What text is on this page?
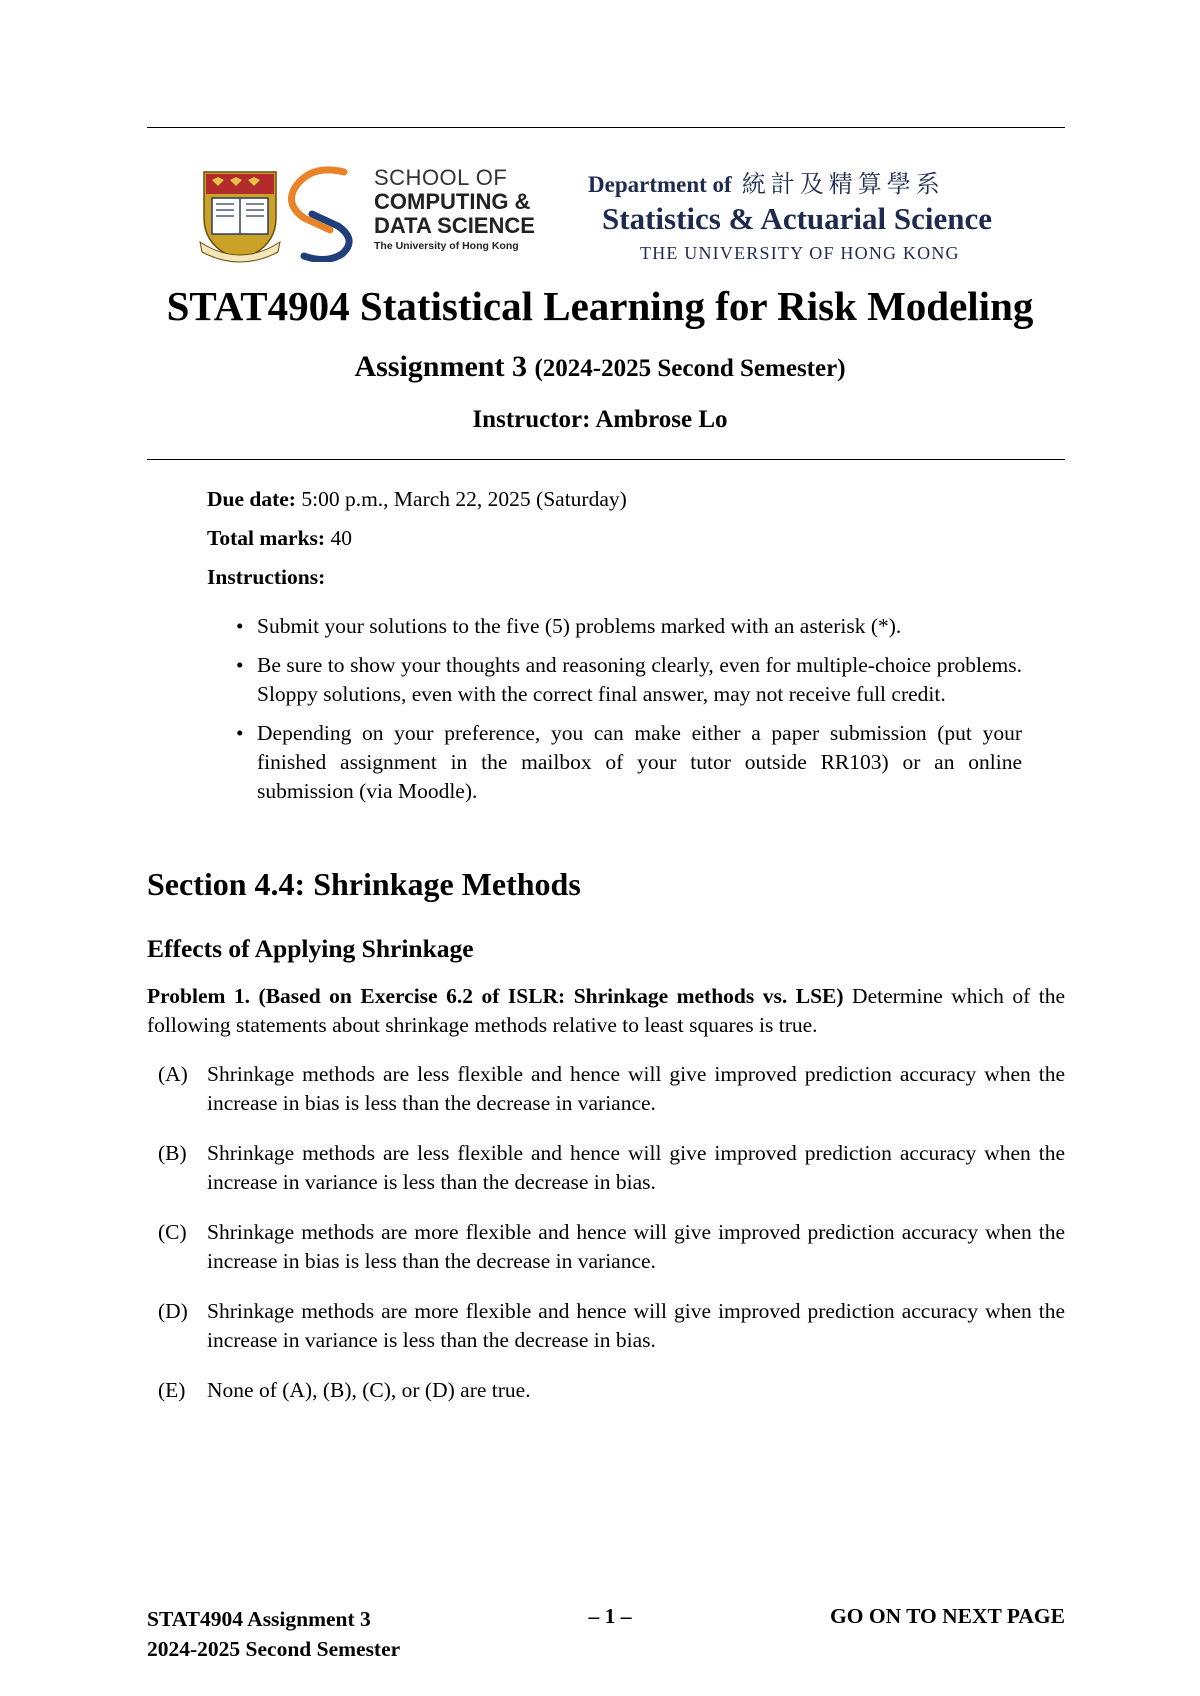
SCHOOL OF
COMPUTING &
DATA SCIENCE
The University of Hong Kong
Department of 統計及精算學系
Statistics & Actuarial Science
THE UNIVERSITY OF HONG KONG
STAT4904 Statistical Learning for Risk Modeling
Assignment 3 (2024-2025 Second Semester)
Instructor: Ambrose Lo
Due date: 5:00 p.m., March 22, 2025 (Saturday)
Total marks: 40
Instructions:
• Submit your solutions to the five (5) problems marked with an asterisk (*).
• Be sure to show your thoughts and reasoning clearly, even for multiple-choice problems. Sloppy solutions, even with the correct final answer, may not receive full credit.
• Depending on your preference, you can make either a paper submission (put your finished assignment in the mailbox of your tutor outside RR103) or an online submission (via Moodle).
Section 4.4: Shrinkage Methods
Effects of Applying Shrinkage
Problem 1. (Based on Exercise 6.2 of ISLR: Shrinkage methods vs. LSE) Determine which of the following statements about shrinkage methods relative to least squares is true.
(A) Shrinkage methods are less flexible and hence will give improved prediction accuracy when the increase in bias is less than the decrease in variance.
(B) Shrinkage methods are less flexible and hence will give improved prediction accuracy when the increase in variance is less than the decrease in bias.
(C) Shrinkage methods are more flexible and hence will give improved prediction accuracy when the increase in bias is less than the decrease in variance.
(D) Shrinkage methods are more flexible and hence will give improved prediction accuracy when the increase in variance is less than the decrease in bias.
(E) None of (A), (B), (C), or (D) are true.
STAT4904 Assignment 3
2024-2025 Second Semester
– 1 –	GO ON TO NEXT PAGE
